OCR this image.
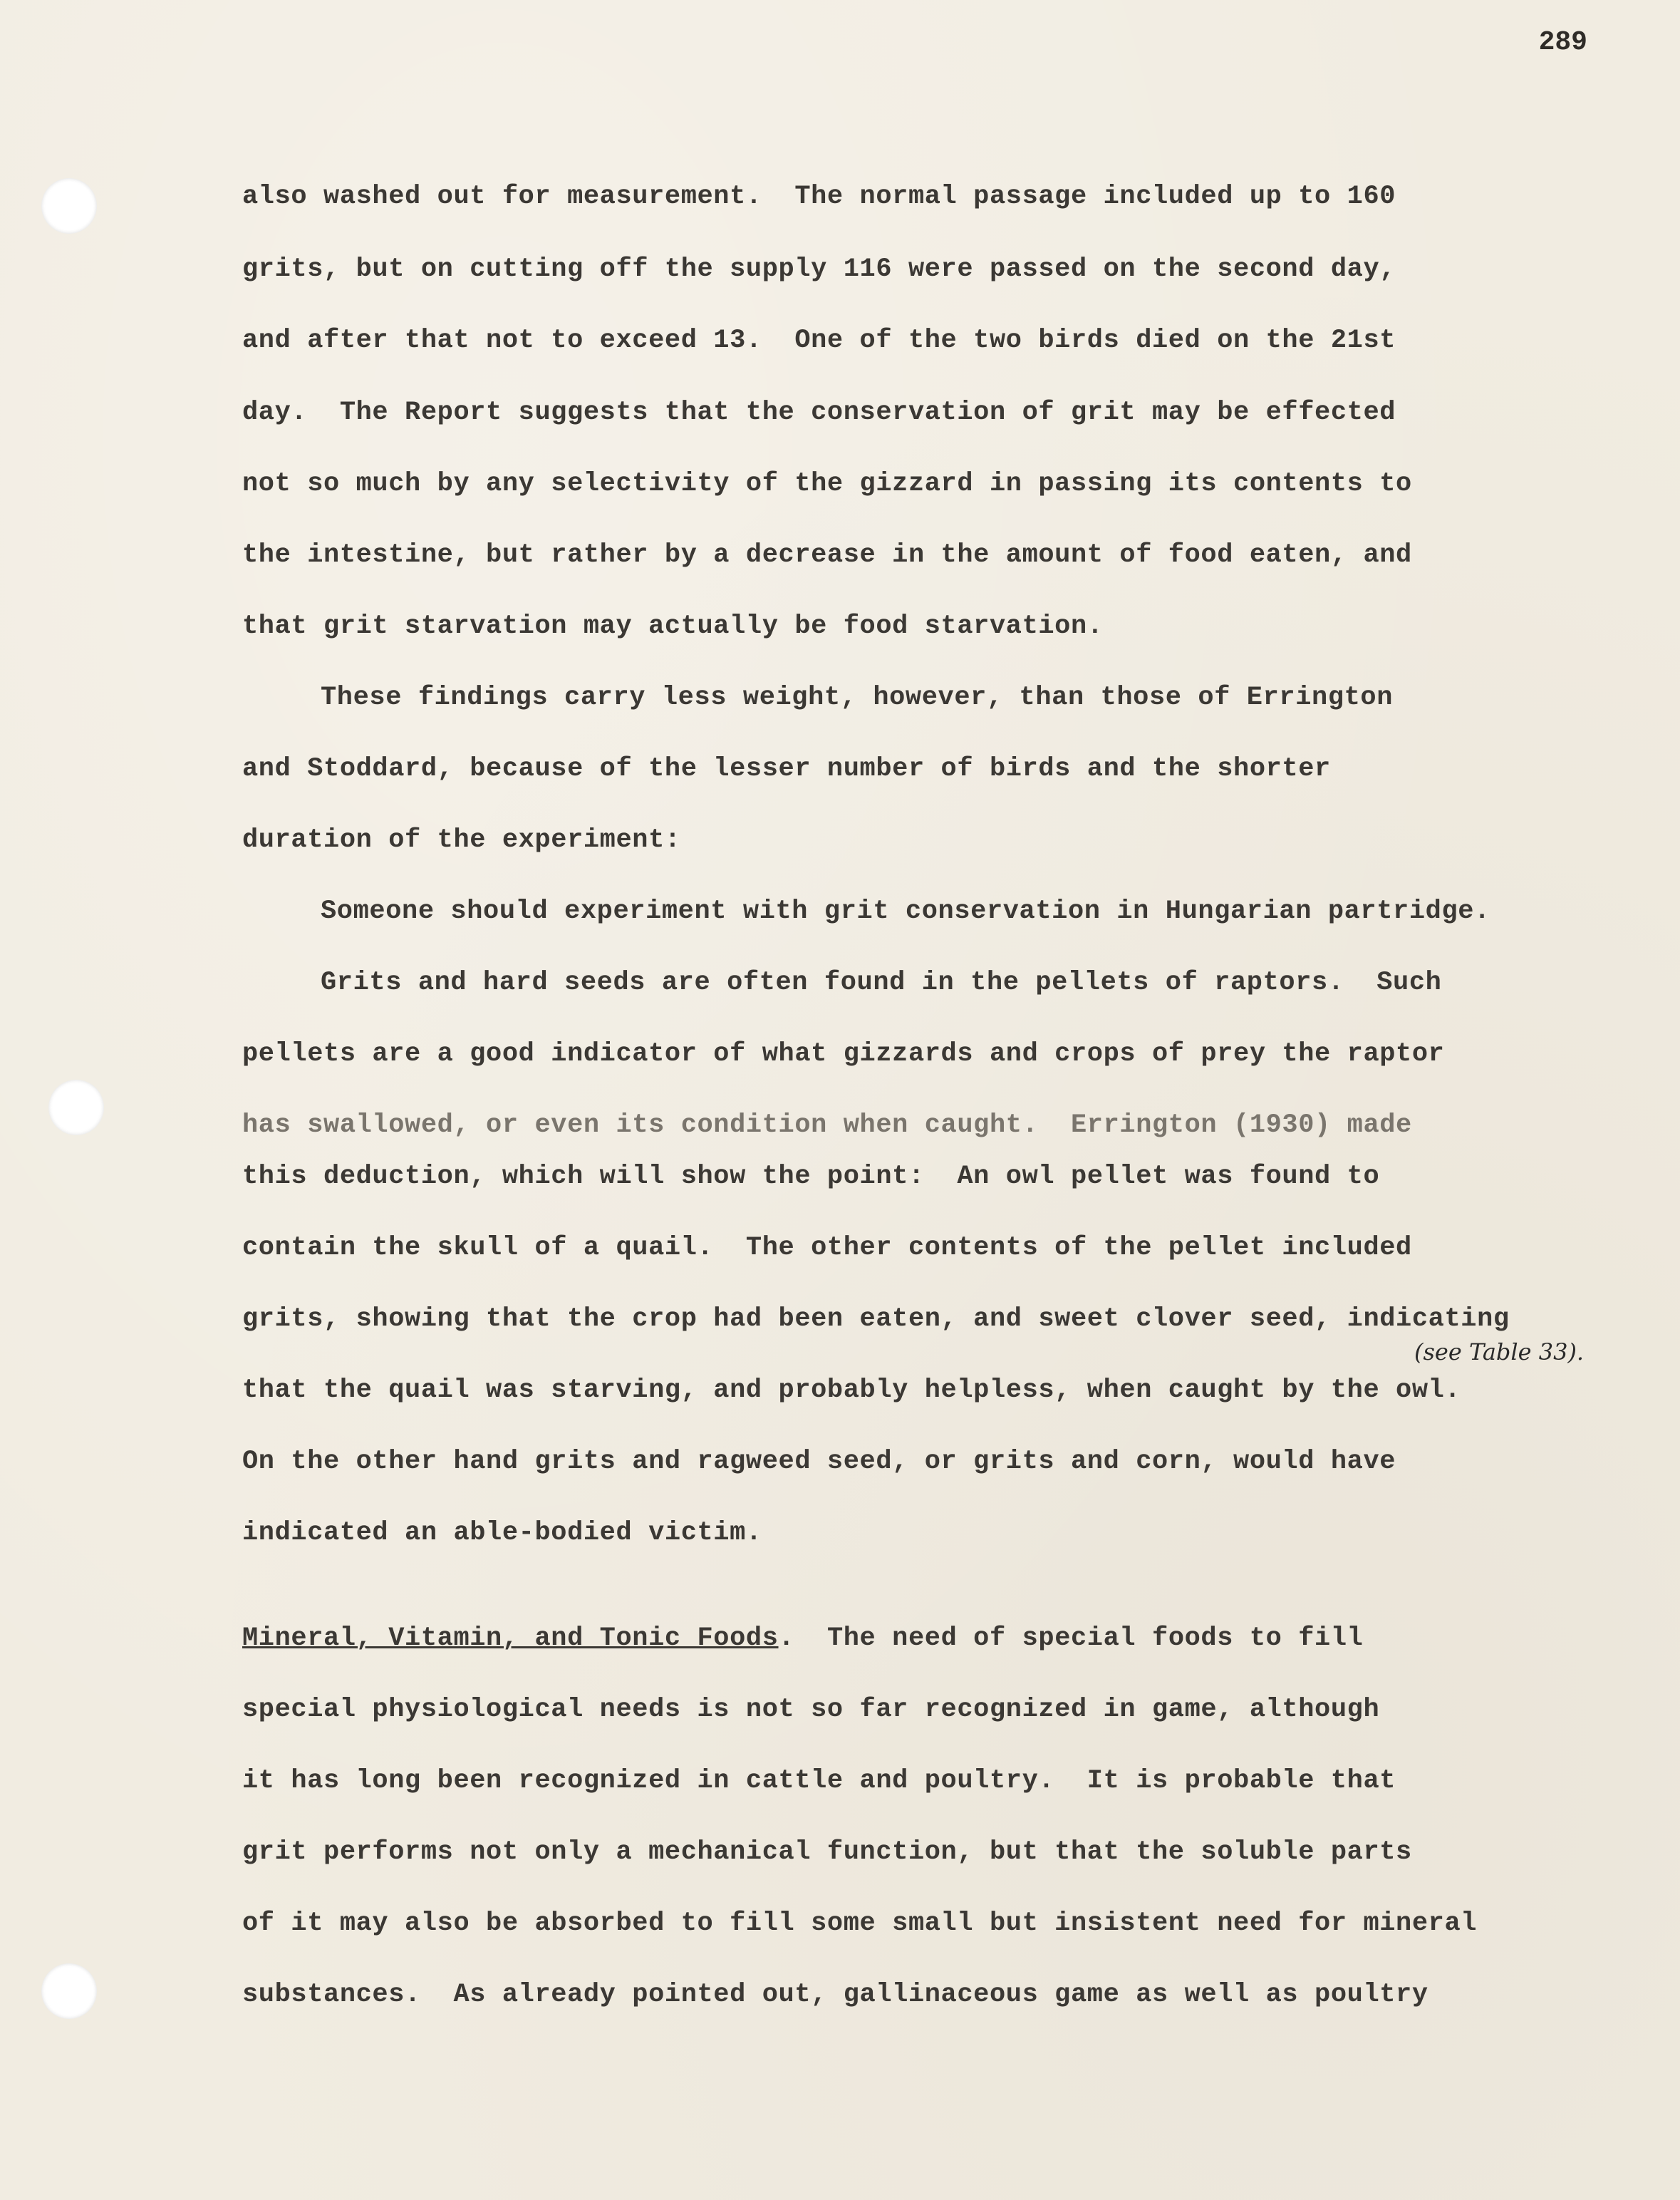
289
also washed out for measurement.  The normal passage included up to 160
grits, but on cutting off the supply 116 were passed on the second day,
and after that not to exceed 13.  One of the two birds died on the 21st
day.  The Report suggests that the conservation of grit may be effected
not so much by any selectivity of the gizzard in passing its contents to
the intestine, but rather by a decrease in the amount of food eaten, and
that grit starvation may actually be food starvation.
These findings carry less weight, however, than those of Errington
and Stoddard, because of the lesser number of birds and the shorter
duration of the experiment:
Someone should experiment with grit conservation in Hungarian partridge.
Grits and hard seeds are often found in the pellets of raptors.  Such
pellets are a good indicator of what gizzards and crops of prey the raptor
has swallowed, or even its condition when caught.  Errington (1930) made
this deduction, which will show the point:  An owl pellet was found to
contain the skull of a quail.  The other contents of the pellet included
grits, showing that the crop had been eaten, and sweet clover seed, indicating
(see Table 33).
that the quail was starving, and probably helpless, when caught by the owl.
On the other hand grits and ragweed seed, or grits and corn, would have
indicated an able-bodied victim.
Mineral, Vitamin, and Tonic Foods.  The need of special foods to fill
special physiological needs is not so far recognized in game, although
it has long been recognized in cattle and poultry.  It is probable that
grit performs not only a mechanical function, but that the soluble parts
of it may also be absorbed to fill some small but insistent need for mineral
substances.  As already pointed out, gallinaceous game as well as poultry
